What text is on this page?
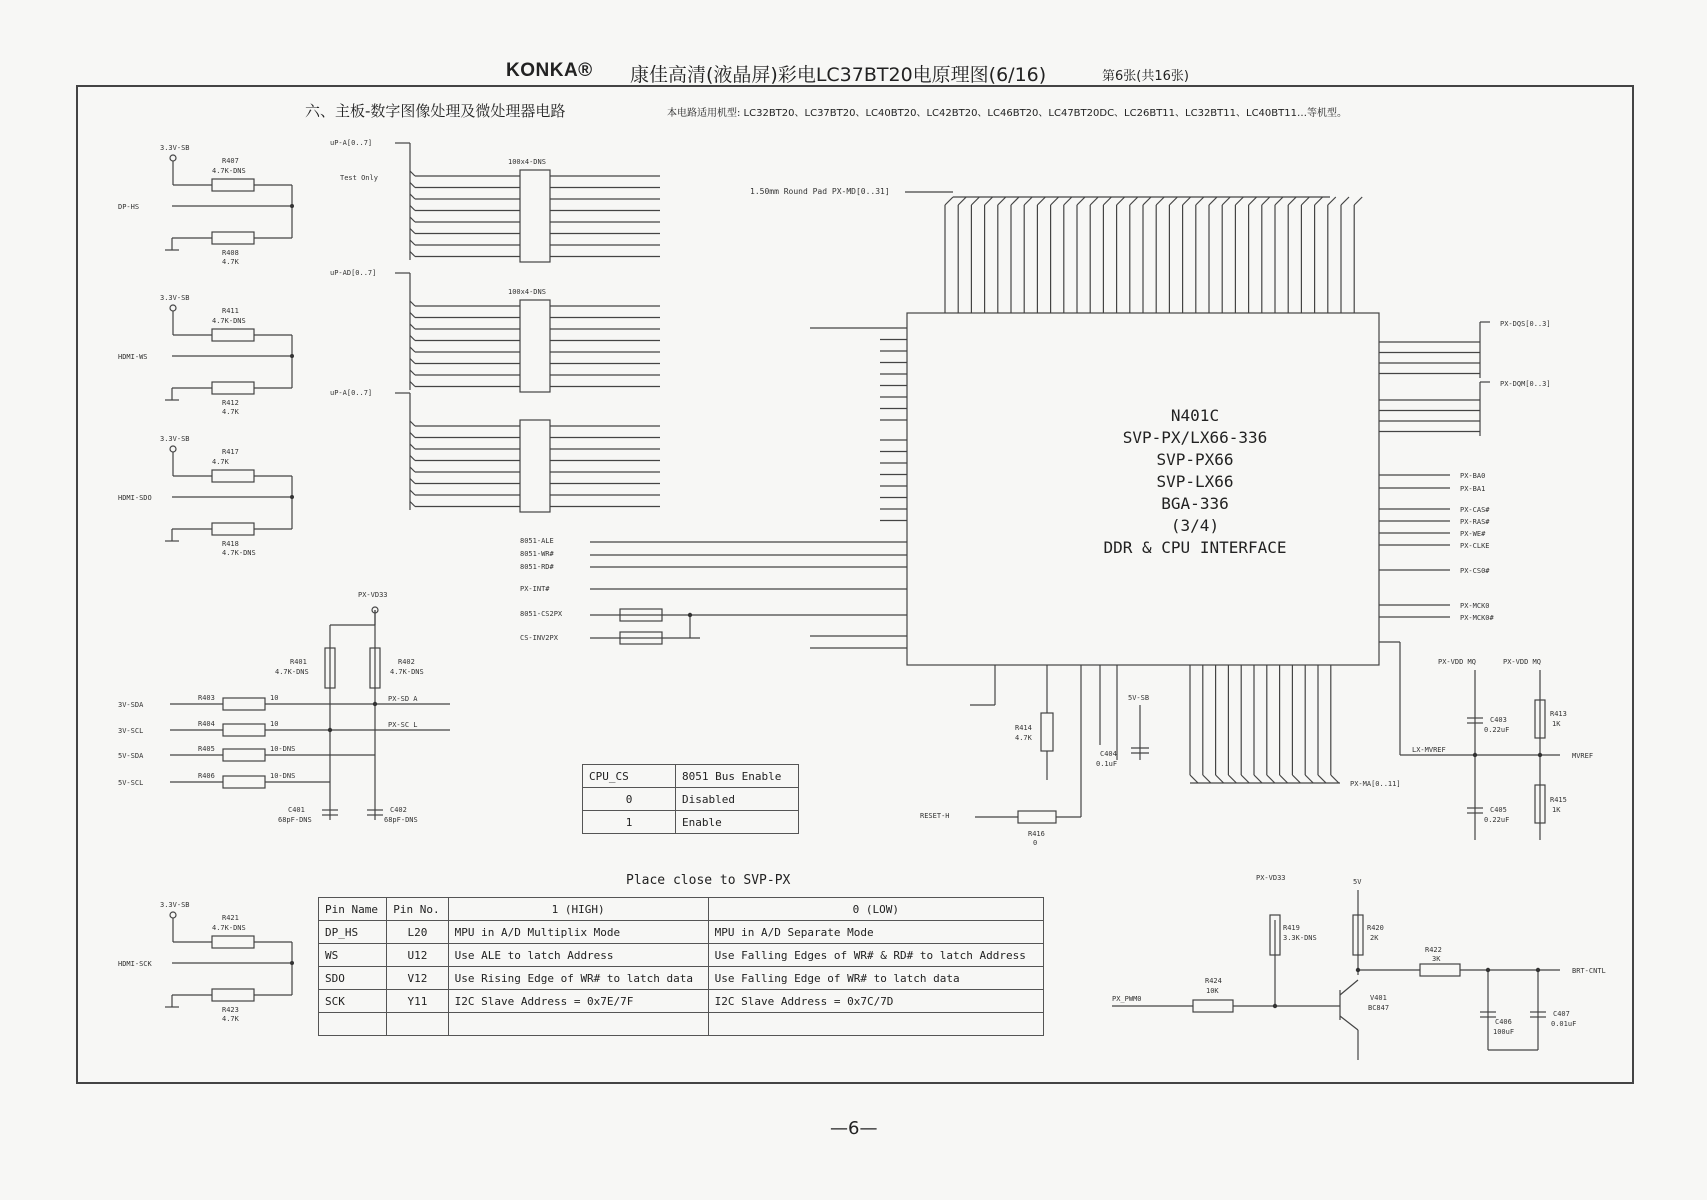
KONKA® 康佳高清(液晶屏)彩电LC37BT20电原理图(6/16)	第6张(共16张)
六、主板-数字图像处理及微处理器电路	本电路适用机型: LC32BT20、LC37BT20、LC40BT20、LC42BT20、LC46BT20、LC47BT20DC、LC26BT11、LC32BT11、LC40BT11…等机型。
1.50mm Round Pad PX-MD[0..31]
3.3V-SB
DP-HS
R407
4.7K-DNS
R408
4.7K
3.3V-SB
HDMI-WS
R411
4.7K-DNS
R412
4.7K
3.3V-SB
HDMI-SDO
R417
4.7K
R418
4.7K-DNS
3.3V-SB
HDMI-SCK
R421
4.7K-DNS
R423
4.7K
uP-A[0..7]
uP-AD[0..7]
uP-A[0..7]
100x4-DNS
100x4-DNS
Test Only
8051-ALE
8051-WR#
8051-RD#
PX-INT#
8051-CS2PX
CS-INV2PX
PX-DQS[0..3]
PX-DQM[0..3]
PX-BA0
PX-BA1
PX-CAS#
PX-RAS#
PX-WE#
PX-CLKE
PX-CS0#
PX-MCK0
PX-MCK0#
PX-MA[0..11]
3V-SDA
R403	10
3V-SCL
R404	10
5V-SDA
R405	10-DNS
5V-SCL
R406	10-DNS
PX-SD A
PX-SC L
PX-VD33
R401
4.7K-DNS
R402
4.7K-DNS
C401
68pF-DNS
C402
68pF-DNS
PX-VDD MQ	PX-VDD MQ
R413
1K
R415
1K
C403
0.22uF
C405
0.22uF
LX-MVREF
MVREF
RESET-H
R416
0
R414
4.7K
C404
0.1uF
5V-SB
PX-VD33	5V
R419
3.3K-DNS
R420
2K
R422
3K
R424
10K
V401
BC847
C406
100uF
C407
0.01uF
BRT-CNTL
PX_PWM0
N401C
SVP-PX/LX66-336
SVP-PX66
SVP-LX66
BGA-336
(3/4)
DDR & CPU INTERFACE
CPU_CS	8051 Bus Enable
0	Disabled
1	Enable
Place close to SVP-PX
Pin Name	Pin No.	1 (HIGH)	0 (LOW)
DP_HS	L20	MPU in A/D Multiplix Mode	MPU in A/D Separate Mode
WS	U12	Use ALE to latch Address	Use Falling Edges of WR# & RD# to latch Address
SDO	V12	Use Rising Edge of WR# to latch data	Use Falling Edge of WR# to latch data
SCK	Y11	I2C Slave Address = 0x7E/7F	I2C Slave Address = 0x7C/7D

—6—
